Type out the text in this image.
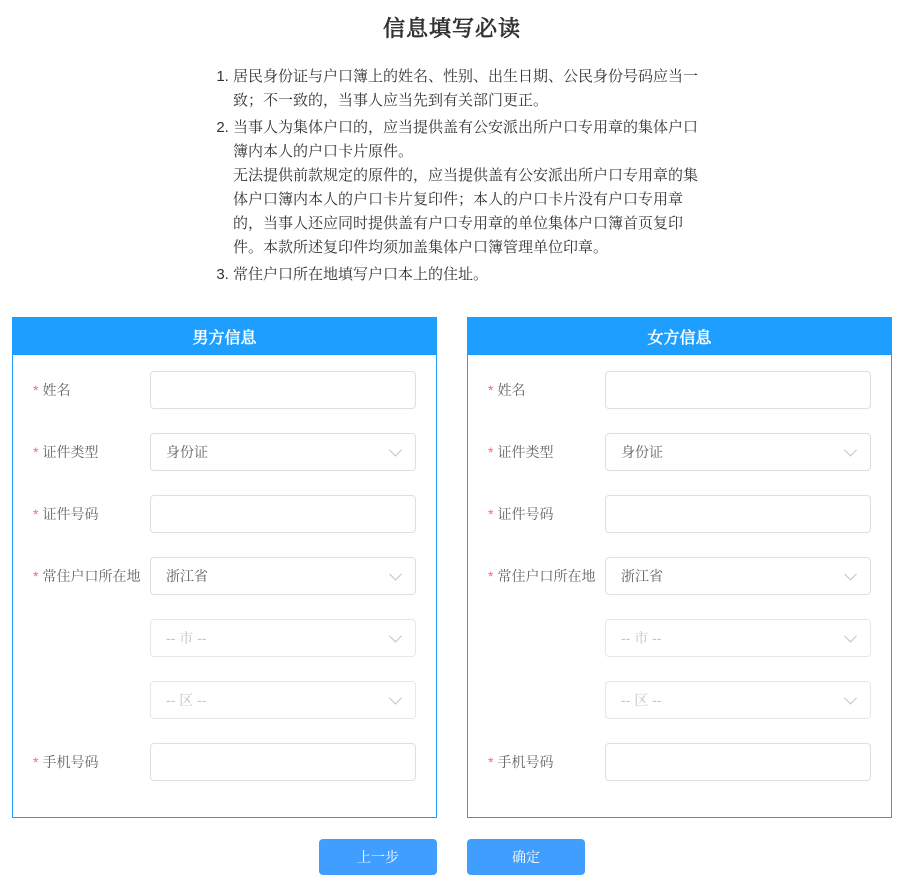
信息填写必读
1. 居民身份证与户口簿上的姓名、性别、出生日期、公民身份号码应当一致；不一致的，当事人应当先到有关部门更正。
2. 当事人为集体户口的，应当提供盖有公安派出所户口专用章的集体户口簿内本人的户口卡片原件。
无法提供前款规定的原件的，应当提供盖有公安派出所户口专用章的集体户口簿内本人的户口卡片复印件；本人的户口卡片没有户口专用章的，当事人还应同时提供盖有户口专用章的单位集体户口簿首页复印件。本款所述复印件均须加盖集体户口簿管理单位印章。
3. 常住户口所在地填写户口本上的住址。
男方信息
* 姓名
* 证件类型	身份证
* 证件号码
* 常住户口所在地	浙江省
-- 市 --
-- 区 --
* 手机号码
女方信息
* 姓名
* 证件类型	身份证
* 证件号码
* 常住户口所在地	浙江省
-- 市 --
-- 区 --
* 手机号码
上一步	确定
